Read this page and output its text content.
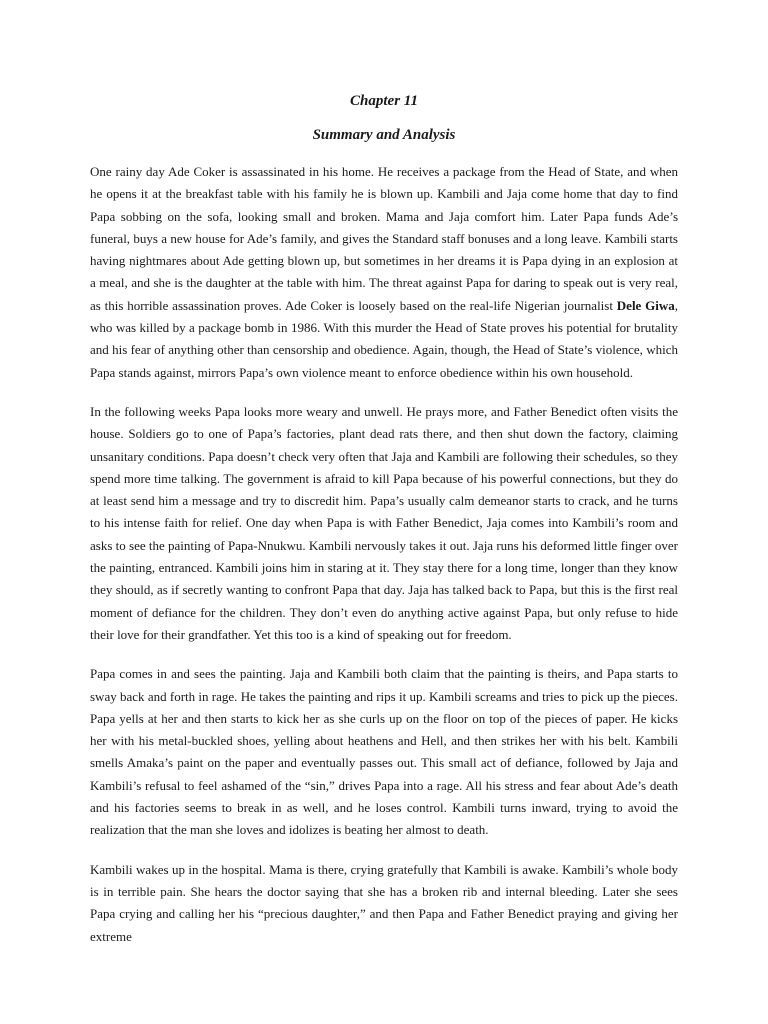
Chapter 11
Summary and Analysis

One rainy day Ade Coker is assassinated in his home. He receives a package from the Head of State, and when he opens it at the breakfast table with his family he is blown up. Kambili and Jaja come home that day to find Papa sobbing on the sofa, looking small and broken. Mama and Jaja comfort him. Later Papa funds Ade’s funeral, buys a new house for Ade’s family, and gives the Standard staff bonuses and a long leave. Kambili starts having nightmares about Ade getting blown up, but sometimes in her dreams it is Papa dying in an explosion at a meal, and she is the daughter at the table with him. The threat against Papa for daring to speak out is very real, as this horrible assassination proves. Ade Coker is loosely based on the real-life Nigerian journalist Dele Giwa, who was killed by a package bomb in 1986. With this murder the Head of State proves his potential for brutality and his fear of anything other than censorship and obedience. Again, though, the Head of State’s violence, which Papa stands against, mirrors Papa’s own violence meant to enforce obedience within his own household.

In the following weeks Papa looks more weary and unwell. He prays more, and Father Benedict often visits the house. Soldiers go to one of Papa’s factories, plant dead rats there, and then shut down the factory, claiming unsanitary conditions. Papa doesn’t check very often that Jaja and Kambili are following their schedules, so they spend more time talking. The government is afraid to kill Papa because of his powerful connections, but they do at least send him a message and try to discredit him. Papa’s usually calm demeanor starts to crack, and he turns to his intense faith for relief. One day when Papa is with Father Benedict, Jaja comes into Kambili’s room and asks to see the painting of Papa-Nnukwu. Kambili nervously takes it out. Jaja runs his deformed little finger over the painting, entranced. Kambili joins him in staring at it. They stay there for a long time, longer than they know they should, as if secretly wanting to confront Papa that day. Jaja has talked back to Papa, but this is the first real moment of defiance for the children. They don’t even do anything active against Papa, but only refuse to hide their love for their grandfather. Yet this too is a kind of speaking out for freedom.

Papa comes in and sees the painting. Jaja and Kambili both claim that the painting is theirs, and Papa starts to sway back and forth in rage. He takes the painting and rips it up. Kambili screams and tries to pick up the pieces. Papa yells at her and then starts to kick her as she curls up on the floor on top of the pieces of paper. He kicks her with his metal-buckled shoes, yelling about heathens and Hell, and then strikes her with his belt. Kambili smells Amaka’s paint on the paper and eventually passes out. This small act of defiance, followed by Jaja and Kambili’s refusal to feel ashamed of the “sin,” drives Papa into a rage. All his stress and fear about Ade’s death and his factories seems to break in as well, and he loses control. Kambili turns inward, trying to avoid the realization that the man she loves and idolizes is beating her almost to death.

Kambili wakes up in the hospital. Mama is there, crying gratefully that Kambili is awake. Kambili’s whole body is in terrible pain. She hears the doctor saying that she has a broken rib and internal bleeding. Later she sees Papa crying and calling her his “precious daughter,” and then Papa and Father Benedict praying and giving her extreme
